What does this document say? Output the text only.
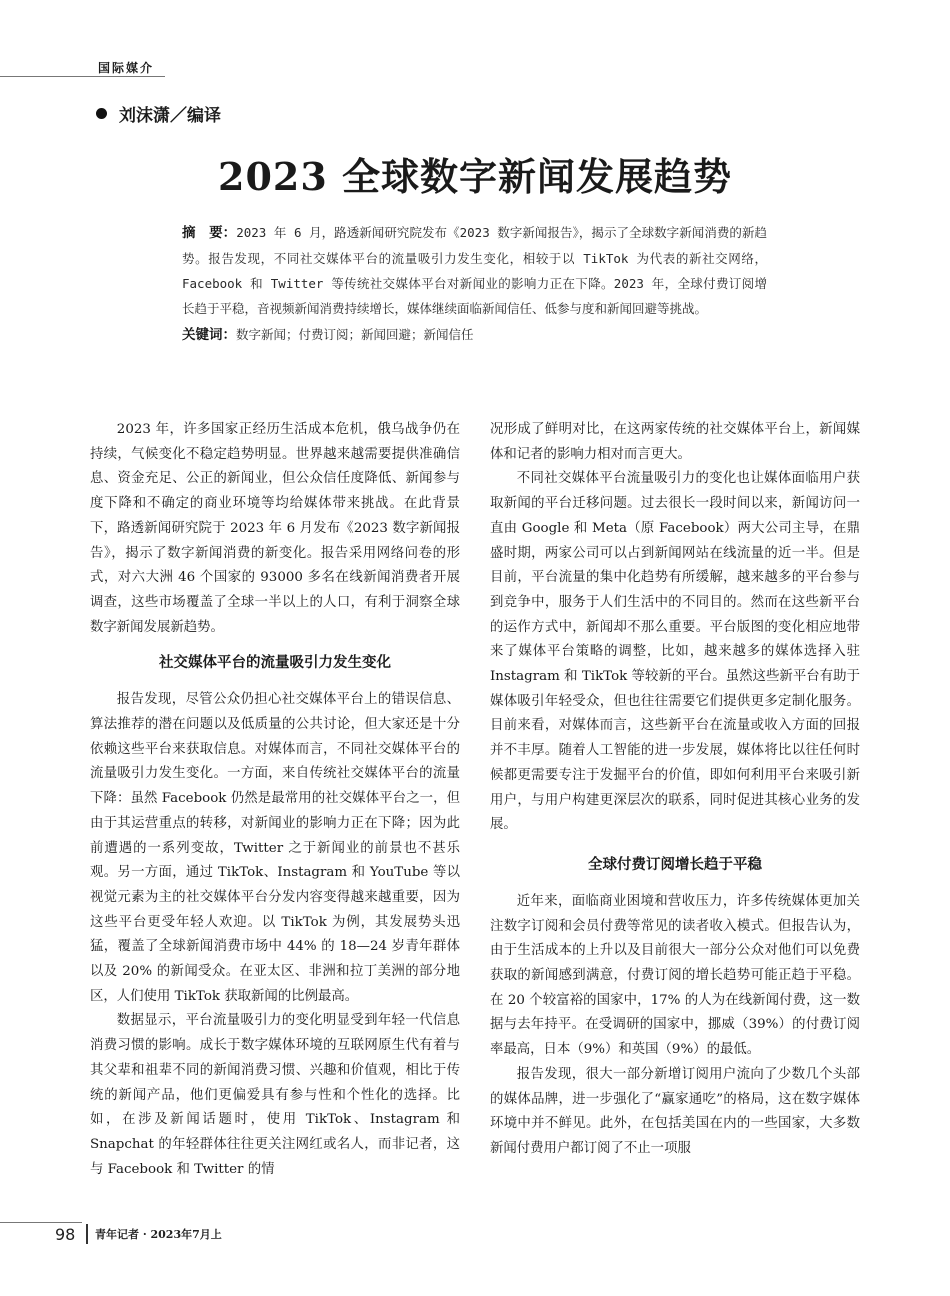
国际媒介
刘沫潇／编译
2023 全球数字新闻发展趋势
摘　要：2023 年 6 月，路透新闻研究院发布《2023 数字新闻报告》，揭示了全球数字新闻消费的新趋势。报告发现，不同社交媒体平台的流量吸引力发生变化，相较于以 TikTok 为代表的新社交网络，Facebook 和 Twitter 等传统社交媒体平台对新闻业的影响力正在下降。2023 年，全球付费订阅增长趋于平稳，音视频新闻消费持续增长，媒体继续面临新闻信任、低参与度和新闻回避等挑战。
关键词：数字新闻；付费订阅；新闻回避；新闻信任

2023 年，许多国家正经历生活成本危机，俄乌战争仍在持续，气候变化不稳定趋势明显。世界越来越需要提供准确信息、资金充足、公正的新闻业，但公众信任度降低、新闻参与度下降和不确定的商业环境等均给媒体带来挑战。在此背景下，路透新闻研究院于 2023 年 6 月发布《2023 数字新闻报告》，揭示了数字新闻消费的新变化。报告采用网络问卷的形式，对六大洲 46 个国家的 93000 多名在线新闻消费者开展调查，这些市场覆盖了全球一半以上的人口，有利于洞察全球数字新闻发展新趋势。

社交媒体平台的流量吸引力发生变化

报告发现，尽管公众仍担心社交媒体平台上的错误信息、算法推荐的潜在问题以及低质量的公共讨论，但大家还是十分依赖这些平台来获取信息。对媒体而言，不同社交媒体平台的流量吸引力发生变化。一方面，来自传统社交媒体平台的流量下降：虽然 Facebook 仍然是最常用的社交媒体平台之一，但由于其运营重点的转移，对新闻业的影响力正在下降；因为此前遭遇的一系列变故，Twitter 之于新闻业的前景也不甚乐观。另一方面，通过 TikTok、Instagram 和 YouTube 等以视觉元素为主的社交媒体平台分发内容变得越来越重要，因为这些平台更受年轻人欢迎。以 TikTok 为例，其发展势头迅猛，覆盖了全球新闻消费市场中 44% 的 18—24 岁青年群体以及 20% 的新闻受众。在亚太区、非洲和拉丁美洲的部分地区，人们使用 TikTok 获取新闻的比例最高。

数据显示，平台流量吸引力的变化明显受到年轻一代信息消费习惯的影响。成长于数字媒体环境的互联网原生代有着与其父辈和祖辈不同的新闻消费习惯、兴趣和价值观，相比于传统的新闻产品，他们更偏爱具有参与性和个性化的选择。比如，在涉及新闻话题时，使用 TikTok、Instagram 和 Snapchat 的年轻群体往往更关注网红或名人，而非记者，这与 Facebook 和 Twitter 的情

况形成了鲜明对比，在这两家传统的社交媒体平台上，新闻媒体和记者的影响力相对而言更大。

不同社交媒体平台流量吸引力的变化也让媒体面临用户获取新闻的平台迁移问题。过去很长一段时间以来，新闻访问一直由 Google 和 Meta（原 Facebook）两大公司主导，在鼎盛时期，两家公司可以占到新闻网站在线流量的近一半。但是目前，平台流量的集中化趋势有所缓解，越来越多的平台参与到竞争中，服务于人们生活中的不同目的。然而在这些新平台的运作方式中，新闻却不那么重要。平台版图的变化相应地带来了媒体平台策略的调整，比如，越来越多的媒体选择入驻 Instagram 和 TikTok 等较新的平台。虽然这些新平台有助于媒体吸引年轻受众，但也往往需要它们提供更多定制化服务。目前来看，对媒体而言，这些新平台在流量或收入方面的回报并不丰厚。随着人工智能的进一步发展，媒体将比以往任何时候都更需要专注于发掘平台的价值，即如何利用平台来吸引新用户，与用户构建更深层次的联系，同时促进其核心业务的发展。

全球付费订阅增长趋于平稳

近年来，面临商业困境和营收压力，许多传统媒体更加关注数字订阅和会员付费等常见的读者收入模式。但报告认为，由于生活成本的上升以及目前很大一部分公众对他们可以免费获取的新闻感到满意，付费订阅的增长趋势可能正趋于平稳。在 20 个较富裕的国家中，17% 的人为在线新闻付费，这一数据与去年持平。在受调研的国家中，挪威（39%）的付费订阅率最高，日本（9%）和英国（9%）的最低。

报告发现，很大一部分新增订阅用户流向了少数几个头部的媒体品牌，进一步强化了“赢家通吃”的格局，这在数字媒体环境中并不鲜见。此外，在包括美国在内的一些国家，大多数新闻付费用户都订阅了不止一项服

98 青年记者 · 2023年7月上
